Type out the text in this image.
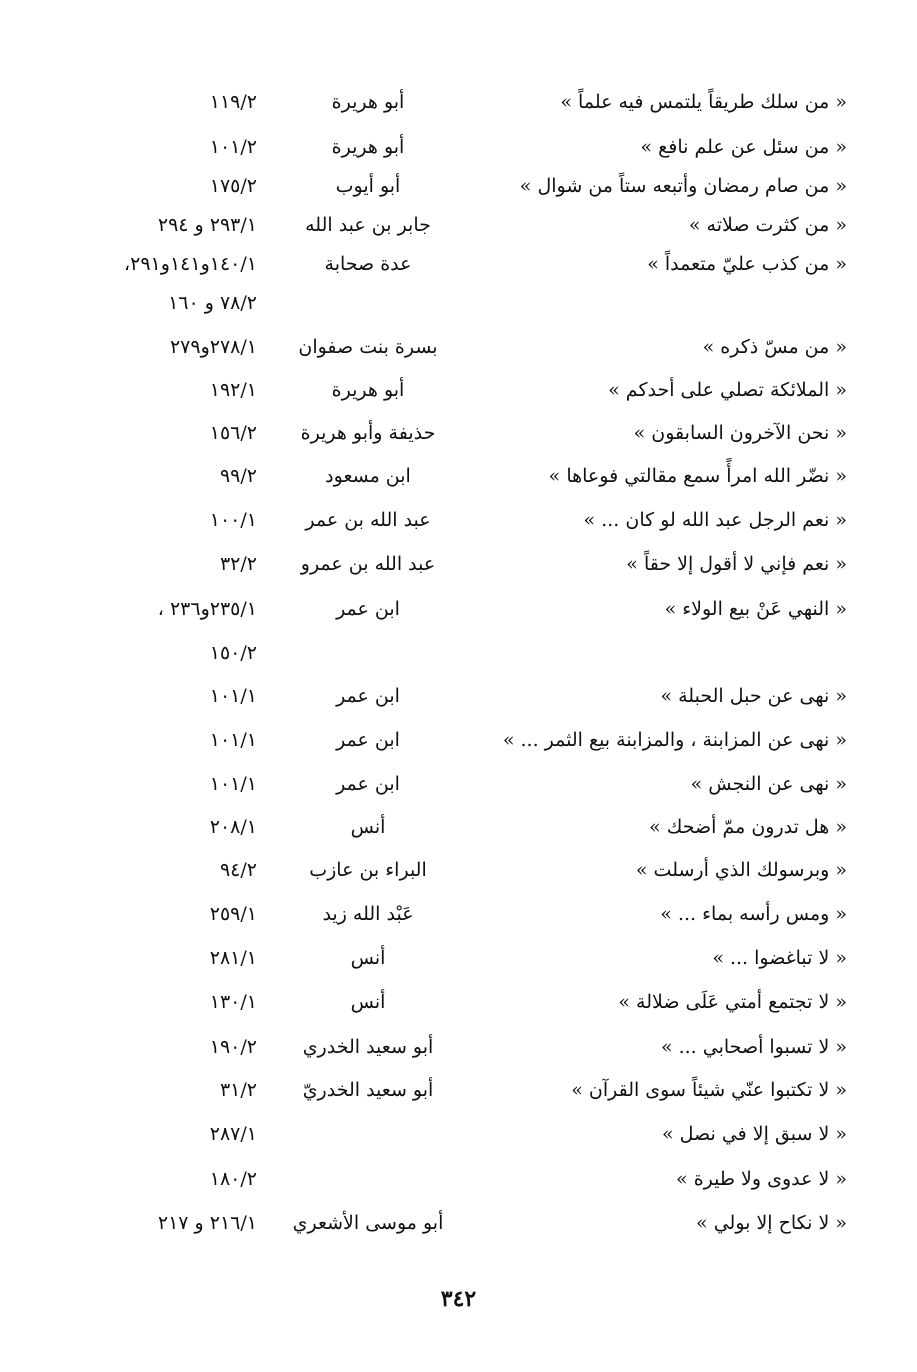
« من سلك طريقاً يلتمس فيه علماً »
أبو هريرة
١١٩/٢
« من سئل عن علم نافع »
أبو هريرة
١٠١/٢
« من صام رمضان وأتبعه ستاً من شوال »
أبو أيوب
١٧٥/٢
« من كثرت صلاته »
جابر بن عبد الله
٢٩٣/١ و ٢٩٤
« من كذب عليّ متعمداً »
عدة صحابة
١٤٠/١و١٤١و٢٩١،
٧٨/٢ و ١٦٠
« من مسّ ذكره »
بسرة بنت صفوان
٢٧٨/١و٢٧٩
« الملائكة تصلي على أحدكم »
أبو هريرة
١٩٢/١
« نحن الآخرون السابقون »
حذيفة وأبو هريرة
١٥٦/٢
« نضّر الله امرأً سمع مقالتي فوعاها »
ابن مسعود
٩٩/٢
« نعم الرجل عبد الله لو كان ... »
عبد الله بن عمر
١٠٠/١
« نعم فإني لا أقول إلا حقاً »
عبد الله بن عمرو
٣٢/٢
« النهي عَنْ بيع الولاء »
ابن عمر
٢٣٥/١و٢٣٦ ،
١٥٠/٢
« نهى عن حبل الحبلة »
ابن عمر
١٠١/١
« نهى عن المزابنة ، والمزابنة بيع الثمر ... »
ابن عمر
١٠١/١
« نهى عن النجش »
ابن عمر
١٠١/١
« هل تدرون ممّ أضحك »
أنس
٢٠٨/١
« وبرسولك الذي أرسلت »
البراء بن عازب
٩٤/٢
« ومس رأسه بماء ... »
عَبْد الله زيد
٢٥٩/١
« لا تباغضوا ... »
أنس
٢٨١/١
« لا تجتمع أمتي عَلَى ضلالة »
أنس
١٣٠/١
« لا تسبوا أصحابي ... »
أبو سعيد الخدري
١٩٠/٢
« لا تكتبوا عنّي شيئاً سوى القرآن »
أبو سعيد الخدريّ
٣١/٢
« لا سبق إلا في نصل »
٢٨٧/١
« لا عدوى ولا طيرة »
١٨٠/٢
« لا نكاح إلا بولي »
أبو موسى الأشعري
٢١٦/١ و ٢١٧
٣٤٢
